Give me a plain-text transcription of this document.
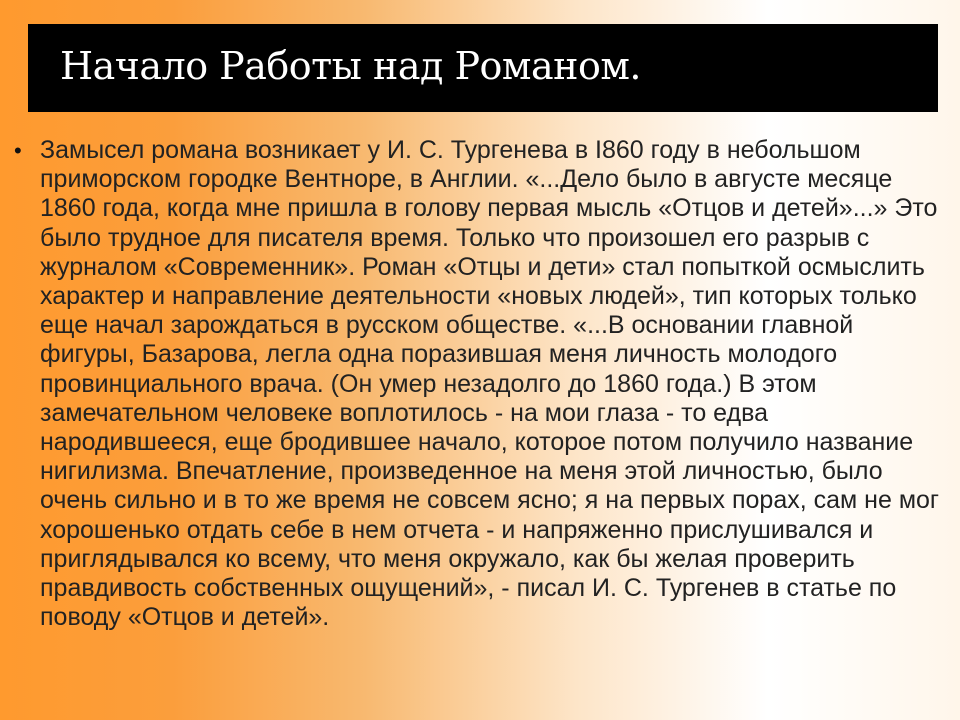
Начало Работы над Романом.
• Замысел романа возникает у И. С. Тургенева в I860 году в небольшом приморском городке Вентноре, в Англии. «...Дело было в августе месяце 1860 года, когда мне пришла в голову первая мысль «Отцов и детей»...» Это было трудное для писателя время. Только что произошел его разрыв с журналом «Современник». Роман «Отцы и дети» стал попыткой осмыслить характер и направление деятельности «новых людей», тип которых только еще начал зарождаться в русском обществе. «...В основании главной фигуры, Базарова, легла одна поразившая меня личность молодого провинциального врача. (Он умер незадолго до 1860 года.) В этом замечательном человеке воплотилось - на мои глаза - то едва народившееся, еще бродившее начало, которое потом получило название нигилизма. Впечатление, произведенное на меня этой личностью, было очень сильно и в то же время не совсем ясно; я на первых порах, сам не мог хорошенько отдать себе в нем отчета - и напряженно прислушивался и приглядывался ко всему, что меня окружало, как бы желая проверить правдивость собственных ощущений», - писал И. С. Тургенев в статье по поводу «Отцов и детей».
